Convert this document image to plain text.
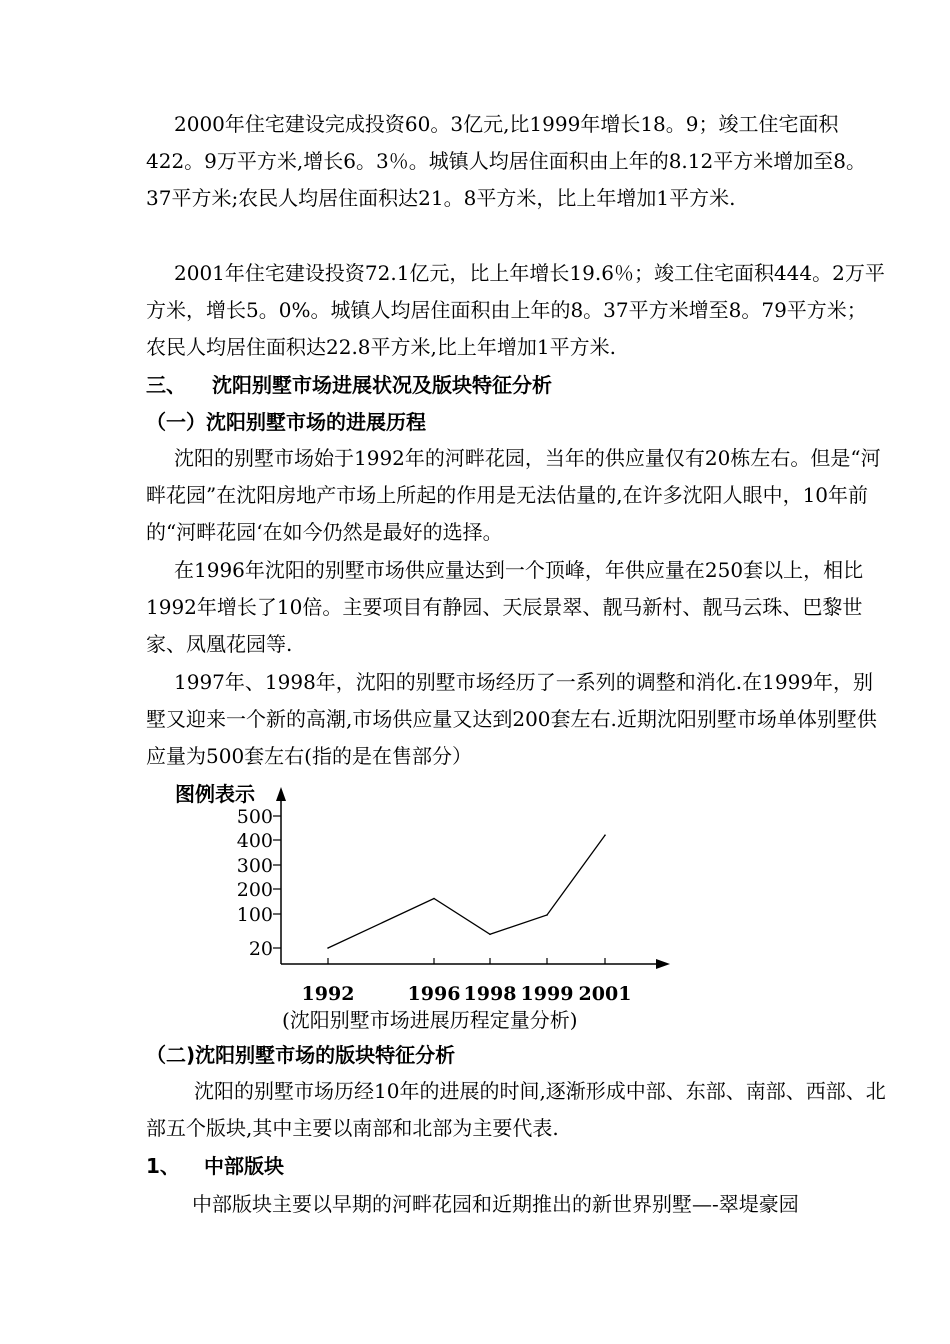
2000年住宅建设完成投资60。3亿元,比1999年增长18。9；竣工住宅面积422。9万平方米,增长6。3％。城镇人均居住面积由上年的8.12平方米增加至8。37平方米;农民人均居住面积达21。8平方米，比上年增加1平方米.

2001年住宅建设投资72.1亿元，比上年增长19.6％；竣工住宅面积444。2万平方米，增长5。0%。城镇人均居住面积由上年的8。37平方米增至8。79平方米；农民人均居住面积达22.8平方米,比上年增加1平方米.

三、 沈阳别墅市场进展状况及版块特征分析
（一）沈阳别墅市场的进展历程

沈阳的别墅市场始于1992年的河畔花园，当年的供应量仅有20栋左右。但是“河畔花园”在沈阳房地产市场上所起的作用是无法估量的,在许多沈阳人眼中，10年前的“河畔花园‘在如今仍然是最好的选择。

在1996年沈阳的别墅市场供应量达到一个顶峰，年供应量在250套以上，相比1992年增长了10倍。主要项目有静园、天辰景翠、靓马新村、靓马云珠、巴黎世家、凤凰花园等.

1997年、1998年，沈阳的别墅市场经历了一系列的调整和消化.在1999年，别墅又迎来一个新的高潮,市场供应量又达到200套左右.近期沈阳别墅市场单体别墅供应量为500套左右(指的是在售部分）

图例表示
500
400
300
200
100
20
1992	1996 1998 1999 2001
(沈阳别墅市场进展历程定量分析)
（二)沈阳别墅市场的版块特征分析

沈阳的别墅市场历经10年的进展的时间,逐渐形成中部、东部、南部、西部、北部五个版块,其中主要以南部和北部为主要代表.

1、 中部版块

中部版块主要以早期的河畔花园和近期推出的新世界别墅—-翠堤豪园
